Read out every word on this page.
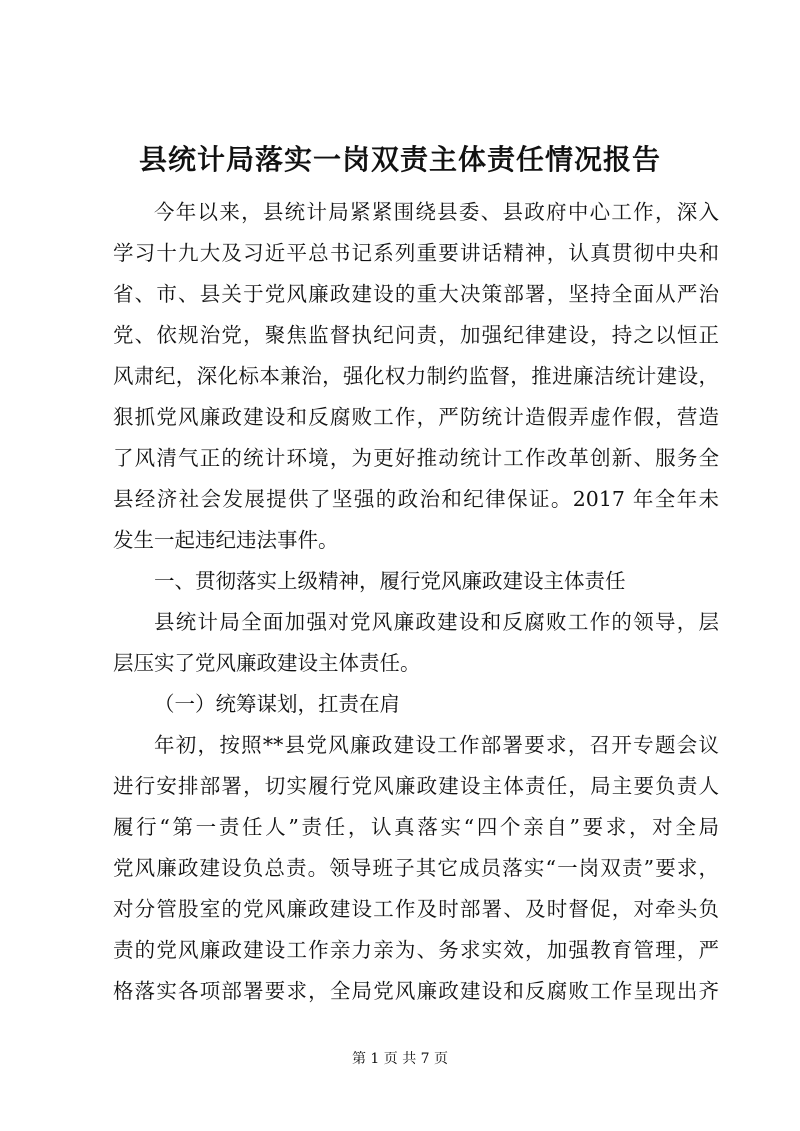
县统计局落实一岗双责主体责任情况报告
今年以来，县统计局紧紧围绕县委、县政府中心工作，深入
学习十九大及习近平总书记系列重要讲话精神，认真贯彻中央和
省、市、县关于党风廉政建设的重大决策部署，坚持全面从严治
党、依规治党，聚焦监督执纪问责，加强纪律建设，持之以恒正
风肃纪，深化标本兼治，强化权力制约监督，推进廉洁统计建设，
狠抓党风廉政建设和反腐败工作，严防统计造假弄虚作假，营造
了风清气正的统计环境，为更好推动统计工作改革创新、服务全
县经济社会发展提供了坚强的政治和纪律保证。2017 年全年未
发生一起违纪违法事件。
一、贯彻落实上级精神，履行党风廉政建设主体责任
县统计局全面加强对党风廉政建设和反腐败工作的领导，层
层压实了党风廉政建设主体责任。
（一）统筹谋划，扛责在肩
年初，按照**县党风廉政建设工作部署要求，召开专题会议
进行安排部署，切实履行党风廉政建设主体责任，局主要负责人
履行“第一责任人”责任，认真落实“四个亲自”要求，对全局
党风廉政建设负总责。领导班子其它成员落实“一岗双责”要求，
对分管股室的党风廉政建设工作及时部署、及时督促，对牵头负
责的党风廉政建设工作亲力亲为、务求实效，加强教育管理，严
格落实各项部署要求，全局党风廉政建设和反腐败工作呈现出齐
第 1 页 共 7 页
